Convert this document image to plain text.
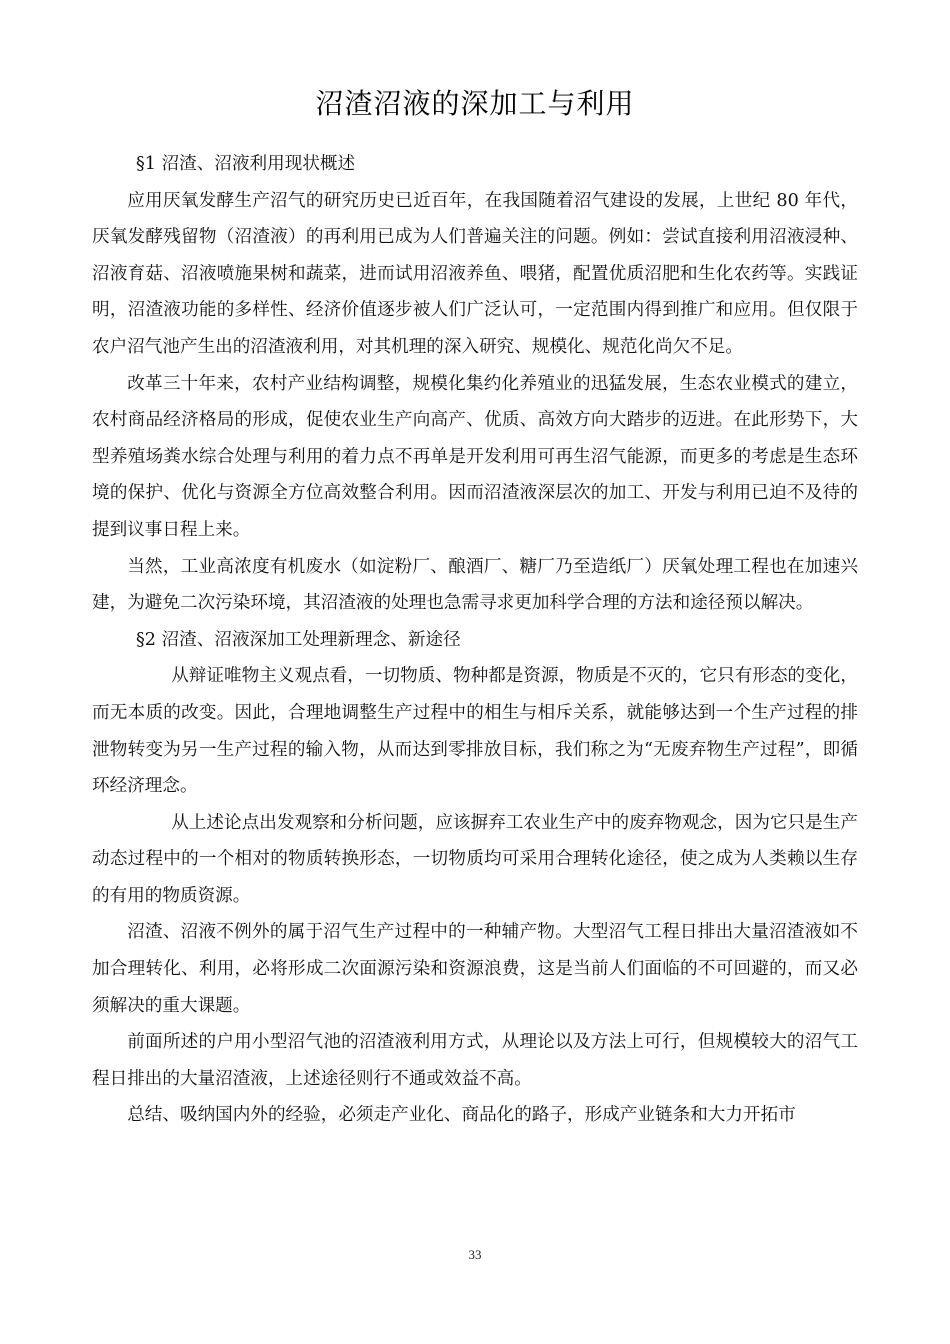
沼渣沼液的深加工与利用

§1 沼渣、沼液利用现状概述

应用厌氧发酵生产沼气的研究历史已近百年，在我国随着沼气建设的发展，上世纪 80 年代，厌氧发酵残留物（沼渣液）的再利用已成为人们普遍关注的问题。例如：尝试直接利用沼液浸种、沼液育菇、沼液喷施果树和蔬菜，进而试用沼液养鱼、喂猪，配置优质沼肥和生化农药等。实践证明，沼渣液功能的多样性、经济价值逐步被人们广泛认可，一定范围内得到推广和应用。但仅限于农户沼气池产生出的沼渣液利用，对其机理的深入研究、规模化、规范化尚欠不足。

改革三十年来，农村产业结构调整，规模化集约化养殖业的迅猛发展，生态农业模式的建立，农村商品经济格局的形成，促使农业生产向高产、优质、高效方向大踏步的迈进。在此形势下，大型养殖场粪水综合处理与利用的着力点不再单是开发利用可再生沼气能源，而更多的考虑是生态环境的保护、优化与资源全方位高效整合利用。因而沼渣液深层次的加工、开发与利用已迫不及待的提到议事日程上来。

当然，工业高浓度有机废水（如淀粉厂、酿酒厂、糖厂乃至造纸厂）厌氧处理工程也在加速兴建，为避免二次污染环境，其沼渣液的处理也急需寻求更加科学合理的方法和途径预以解决。

§2 沼渣、沼液深加工处理新理念、新途径

从辩证唯物主义观点看，一切物质、物种都是资源，物质是不灭的，它只有形态的变化，而无本质的改变。因此，合理地调整生产过程中的相生与相斥关系，就能够达到一个生产过程的排泄物转变为另一生产过程的输入物，从而达到零排放目标，我们称之为“无废弃物生产过程”，即循环经济理念。

从上述论点出发观察和分析问题，应该摒弃工农业生产中的废弃物观念，因为它只是生产动态过程中的一个相对的物质转换形态，一切物质均可采用合理转化途径，使之成为人类赖以生存的有用的物质资源。

沼渣、沼液不例外的属于沼气生产过程中的一种辅产物。大型沼气工程日排出大量沼渣液如不加合理转化、利用，必将形成二次面源污染和资源浪费，这是当前人们面临的不可回避的，而又必须解决的重大课题。

前面所述的户用小型沼气池的沼渣液利用方式，从理论以及方法上可行，但规模较大的沼气工程日排出的大量沼渣液，上述途径则行不通或效益不高。

总结、吸纳国内外的经验，必须走产业化、商品化的路子，形成产业链条和大力开拓市

33
